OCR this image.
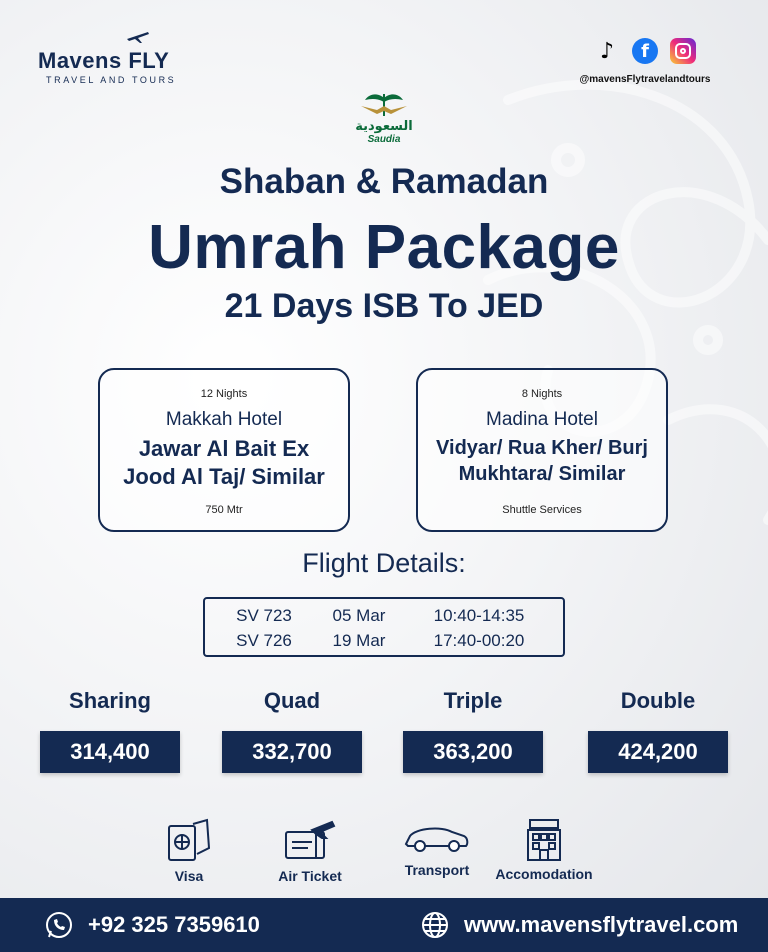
Mavens FLY
TRAVEL AND TOURS
♪	f
@mavensFlytravelandtours
السعودية
Saudia
Shaban & Ramadan
Umrah Package
21 Days ISB To JED
12 Nights
Makkah Hotel
Jawar Al Bait Ex
Jood Al Taj/ Similar
750 Mtr
8 Nights
Madina Hotel
Vidyar/ Rua Kher/ Burj
Mukhtara/ Similar
Shuttle Services
Flight Details:
SV 723	05 Mar	10:40-14:35
SV 726	19 Mar	17:40-00:20
Sharing
314,400
Quad
332,700
Triple
363,200
Double
424,200
Visa	Air Ticket	Transport	Accomodation
+92 325 7359610	www.mavensflytravel.com
